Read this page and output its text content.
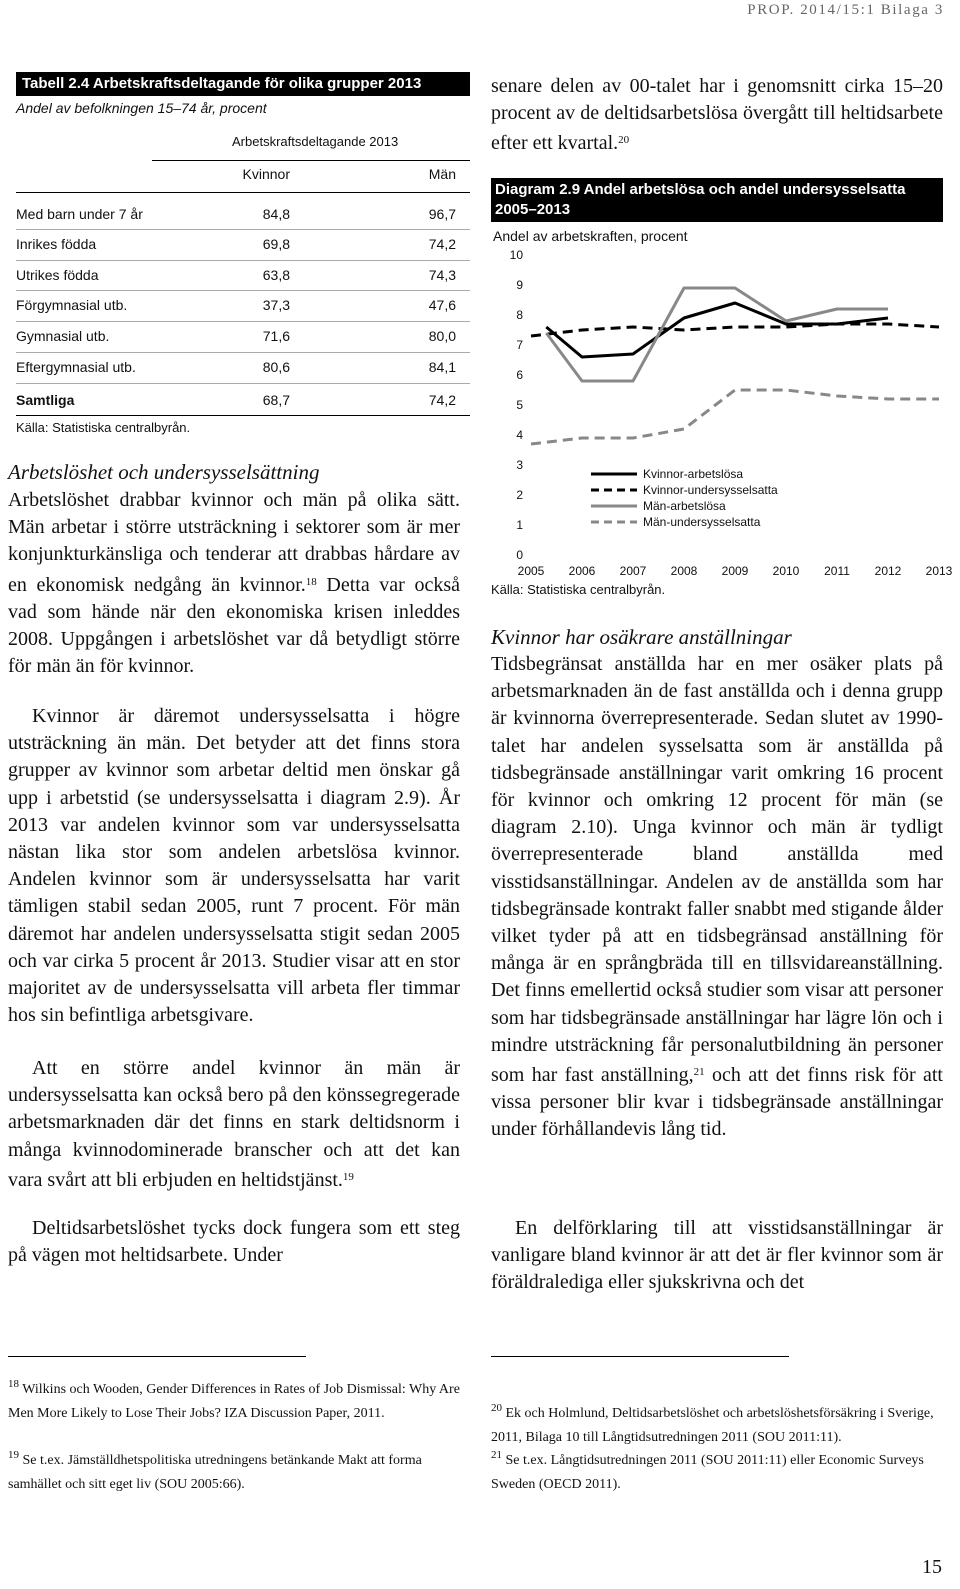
PROP. 2014/15:1 Bilaga 3
Tabell 2.4 Arbetskraftsdeltagande för olika grupper 2013
Andel av befolkningen 15–74 år, procent
Arbetskraftsdeltagande 2013
Kvinnor	Män
Med barn under 7 år	84,8	96,7
Inrikes födda	69,8	74,2
Utrikes födda	63,8	74,3
Förgymnasial utb.	37,3	47,6
Gymnasial utb.	71,6	80,0
Eftergymnasial utb.	80,6	84,1
Samtliga	68,7	74,2
Källa: Statistiska centralbyrån.
Arbetslöshet och undersysselsättning
Arbetslöshet drabbar kvinnor och män på olika sätt. Män arbetar i större utsträckning i sektorer som är mer konjunkturkänsliga och tenderar att drabbas hårdare av en ekonomisk nedgång än kvinnor.$^{18}$ Detta var också vad som hände när den ekonomiska krisen inleddes 2008. Uppgången i arbetslöshet var då betydligt större för män än för kvinnor.
Kvinnor är däremot undersysselsatta i högre utsträckning än män. Det betyder att det finns stora grupper av kvinnor som arbetar deltid men önskar gå upp i arbetstid (se undersysselsatta i diagram 2.9). År 2013 var andelen kvinnor som var undersysselsatta nästan lika stor som andelen arbetslösa kvinnor. Andelen kvinnor som är undersysselsatta har varit tämligen stabil sedan 2005, runt 7 procent. För män däremot har andelen undersysselsatta stigit sedan 2005 och var cirka 5 procent år 2013. Studier visar att en stor majoritet av de undersysselsatta vill arbeta fler timmar hos sin befintliga arbetsgivare.
Att en större andel kvinnor än män är undersysselsatta kan också bero på den könssegregerade arbetsmarknaden där det finns en stark deltidsnorm i många kvinnodominerade branscher och att det kan vara svårt att bli erbjuden en heltidstjänst.$^{19}$
Deltidsarbetslöshet tycks dock fungera som ett steg på vägen mot heltidsarbete. Under
senare delen av 00-talet har i genomsnitt cirka 15–20 procent av de deltidsarbetslösa övergått till heltidsarbete efter ett kvartal.$^{20}$
Diagram 2.9 Andel arbetslösa och andel undersysselsatta 2005–2013
Andel av arbetskraften, procent
0
1
2
3
4
5
6
7
8
9
10
2005 2006 2007 2008 2009 2010 2011 2012 2013
Kvinnor-arbetslösa
Kvinnor-undersysselsatta
Män-arbetslösa
Män-undersysselsatta
Källa: Statistiska centralbyrån.
Kvinnor har osäkrare anställningar
Tidsbegränsat anställda har en mer osäker plats på arbetsmarknaden än de fast anställda och i denna grupp är kvinnorna överrepresenterade. Sedan slutet av 1990-talet har andelen sysselsatta som är anställda på tidsbegränsade anställningar varit omkring 16 procent för kvinnor och omkring 12 procent för män (se diagram 2.10). Unga kvinnor och män är tydligt överrepresenterade bland anställda med visstidsanställningar. Andelen av de anställda som har tidsbegränsade kontrakt faller snabbt med stigande ålder vilket tyder på att en tidsbegränsad anställning för många är en språngbräda till en tillsvidareanställning. Det finns emellertid också studier som visar att personer som har tidsbegränsade anställningar har lägre lön och i mindre utsträckning får personalutbildning än personer som har fast anställning,$^{21}$ och att det finns risk för att vissa personer blir kvar i tidsbegränsade anställningar under förhållandevis lång tid.
En delförklaring till att visstidsanställningar är vanligare bland kvinnor är att det är fler kvinnor som är föräldralediga eller sjukskrivna och det
$^{18}$ Wilkins och Wooden, Gender Differences in Rates of Job Dismissal: Why Are Men More Likely to Lose Their Jobs? IZA Discussion Paper, 2011.
$^{19}$ Se t.ex. Jämställdhetspolitiska utredningens betänkande Makt att forma samhället och sitt eget liv (SOU 2005:66).
$^{20}$ Ek och Holmlund, Deltidsarbetslöshet och arbetslöshetsförsäkring i Sverige, 2011, Bilaga 10 till Långtidsutredningen 2011 (SOU 2011:11).
$^{21}$ Se t.ex. Långtidsutredningen 2011 (SOU 2011:11) eller Economic Surveys Sweden (OECD 2011).
15
